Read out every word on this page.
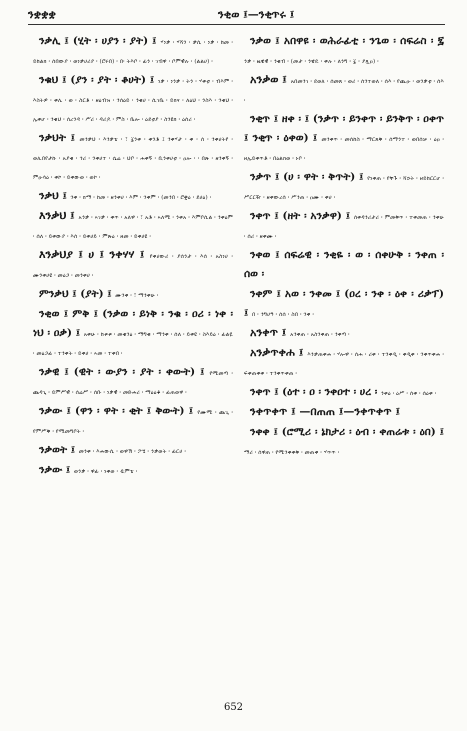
ንቋቋቋ	ንቂወ ፤—ንቂጥሩ ፤

ንቃሊ ፤ (ሂት ፡ ሀያን ፡ ያት) ፤ ሃነቃ ፡ ሃሻን ፡ ቃሲ ፡ ነቃ ፡ ከመ ፡ ይከልክ ፡ ሰበውያ ፡ ወነቃሀሪያ ፡ (ሮሩበ) ፡ በ፡ ትእቦ ፡ ፊን ፡ ገብዋ ፡ ቦምዊሉ ፡ (ልልሀ) ፡

ንቁህ ፤ (ያን ፡ ያት ፡ ቆሀት) ፤ ነቃ ፡ ነንቃ ፡ ትን ፡ ሃቀቲ ፡ ብእም ፡ እስትዎ ፡ ቀሊ ፡ ወ ፡ ስርቶ ፡ ዘዕብዝ ፡ ንሰዕይ ፡ ንቁሀ ፡ ሲገቤ ፡ ይክና ፡ ለዕህ ፡ ንስእ ፡ ንቂህ ፡ ኢቀሆ ፡ ንቁህ ፡ ሰረንዳ ፡ ሥሪ ፡ ዳሪዶ ፡ ምስ ፡ ቤሎ ፡ ዕደቲያ ፡ ስንዩክ ፡ ዕሰሪ ፡

ንቃህት ፤ መንቃህ ፡ እንቃቴ ፡ ፣ ፯ንቀ ፡ ቀንቶ ፤ ንቀሃታ ፡ ቀ ፡ ሰ ፡ ንቀሀትየ ፡ ወሊበየታኩ ፡ አያቂ ፡ ጎሪ ፡ ንቀሀተ ፡ ሴሬ ፡ ህቦ ፡ ሐቀኝ ፡ ቢንቀሀቲ ፡ ዐሎ ፡ ፡ በጽ ፡ ዘንቀኝ ፡ ምዑሳዕ ፡ ቀኮ ፡ ይቀውወ ፡ ወኮ ፡

ንቃህ ፤ ንቀ ፡ ክማ ፡ ከመ ፡ ዘንቀሀ ፡ እም ፡ ንቀም ፡ (መንበ ፡ ሮቋዕ ፡ ደሀዕ) ፡

እንቃህ ፤ አንቃ ፡ ኣገቃ ፡ ቀጥ ፡ አለዋ ፡ ፣ አቶ ፡ ኣለሚ ፡ ንቀአ ፡ እምቦሲል ፡ ንቀዕም ፡ ሰለ ፡ ይቀውያ ፡ እሰ ፡ ይቀሀይ ፡ ምጽዕ ፡ ዘመ ፡ ይቀሀዩ ፡

እንቃህያ ፤ ሀ ፤ ንቀሃሃ ፤ የቀሀውሪ ፡ ያሰንታ ፡ እሰ ፡ አስነሀ ፡ ሙንቀሀዩ ፡ መዕጋ ፡ መንቀሀ ፡

ምንቃህ ፤ (ያት) ፤ ሙንቀ ፡ ፣ ማንቀሁ ፡

ንቂወ ፤ ምቅ ፤ (ንቃወ ፡ ይነቅ ፡ ንቁ ፡ ዐሪ ፡ ነቀ ፡ ነህ ፡ ዐቃ) ፤ አቀሁ ፡ ከቱቱ ፡ መቁንዕ ፡ ማግቂ ፡ ማንቀ ፡ ሰለ ፡ ይቀዩ ፡ ስእይዕ ፡ ፊልዬ ፡ መዕጋፊ ፡ ተንቀት ፡ ይቀሀ ፡ ኣመ ፡ ተቀበ ፡

ንቃዊ ፤ (ዊት ፡ ውያን ፡ ያት ፡ ቀውት) ፤ የሚመጣ ፡ ጨዳጊ ፡ ይምሥዊ ፡ ሰሬሥ ፡ ሰቡ ፡ ነቃዊ ፡ መድሐሪ ፡ ማዕዕቆ ፡ ፊጠወዋ ፡

ንቃው ፤ (ዋን ፡ ዋት ፡ ቂት ፤ ቅውት) ፤ የሙሚ ፡ ጨጊ ፡ የምሥቅ ፡ የሚመግቦት ፡

ንቃወት ፤ መንቀ ፡ እሐውሲ ፡ ወዋኽ ፡ ፖሄ ፡ ንቃወት ፡ ፊርሀ ፡

ንቃው ፤ ወንቃ ፡ ዋፊ ፡ ነቀወ ፡ ዷምቴ ፡

ንቃወ ፤ አበዋዩ ፡ ወሕራፊቲ ፡ ንጌወ ፡ ሰፍሬስ ፡ ፯ ንቃ ፡ ዜዌዊ ፡ ንቁብ ፡ (መታ ፡ ንዌዴ ፡ ቀሉ ፡ ለንግ ፡ ፯ ፡ ያጿዐ) ፡

አንቃወ ፤ አበመንገ ፡ ደወለ ፡ ሰመጸ ፡ ወሪ ፡ ሰንተወለ ፡ ሰእ ፡ የጪዑ ፡ ወንቃቲ ፡ ሰእ ፡

ንቂጥ ፤ ዘቀ ፡ ፤ (ንቃጥ ፡ ይንቀጥ ፡ ይንቅጥ ፡ ዐቀጥ ፤ ንቂጥ ፡ ዕቀወ) ፤ መንቀጥ ፡ መሰከስ ፡ ማርጸቅ ፡ ሰማንተ ፡ ወበሰቻ ፡ ዕዐ ፡ ዘኢይቀጥቶ ፡ በዕልክወ ፡ ኑቦ ፡

ንቃጥ ፤ (ሀ ፡ ዋት ፡ ቅጥት) ፤ የነቀጠ ፡ የቸጉ ፡ ሻኃት ፡ ዘይከርርሆ ፡ ሥርርዥ ፡ ዘቀውረሰ ፡ ሥንጠ ፡ ዐሙ ፡ ቀሀ ፡

ንቀጥ ፤ (ዘት ፡ አንቃዋ) ፤ ሰቀዳንሪታሪ ፡ ምመቅጥ ፡ ተቀመጠ ፡ ንቀሁ ፡ ሰሪ ፡ ዘቀሙ ፡

ንቀወ ፤ ሰፍሬዊ ፡ ንቂዬ ፡ ወ ፡ ሰቀሁቅ ፡ ንቀጠ ፡ ሰወ ፡

ንቀም ፤ አወ ፡ ንቀመ ፤ (ዐረ ፡ ንቀ ፡ ዕቀ ፡ ሪቃፕ) ፤ በ ፡ ንግሀዓ ፡ ሰሰ ፡ ስበ ፡ ንቀ ፡

አንቀጥ ፤ አንቀጠ ፡ አስንቀጠ ፡ ንቀጣ ፡

አንቃጥቀሐ ፤ እንቃጠቀሐ ፡ ሃሎዋ ፡ ሰሐ ፡ ሪቀ ፡ ተንቀዲ ፡ ቀዲቀ ፡ ንቀጥቀሐ ፡ ፍቀጠቀቀ ፡ ተንቀጥቀጠ ፡

ንቀጥ ፤ (ዕተ ፡ ዐ ፡ ንቀዐተ ፡ ሀረ ፡ ንቀዕ ፡ ዕሥ ፡ ሰቀ ፡ ሰዕቀ ፡

ንቀጥቀጥ ፤ —በጠጠ ፤—ንቀጥቀጥ ፤

ንቀቀ ፤ (ሮሚሪ ፡ ኔክታሪ ፡ ዕብ ፡ ቀጠሬቱ ፡ ዕበ) ፤ ማሪ ፡ ሰዋጠ ፡ የሚንቀቀቅ ፡ መጠቀ ፡ ሃጥጥ ፡

652
